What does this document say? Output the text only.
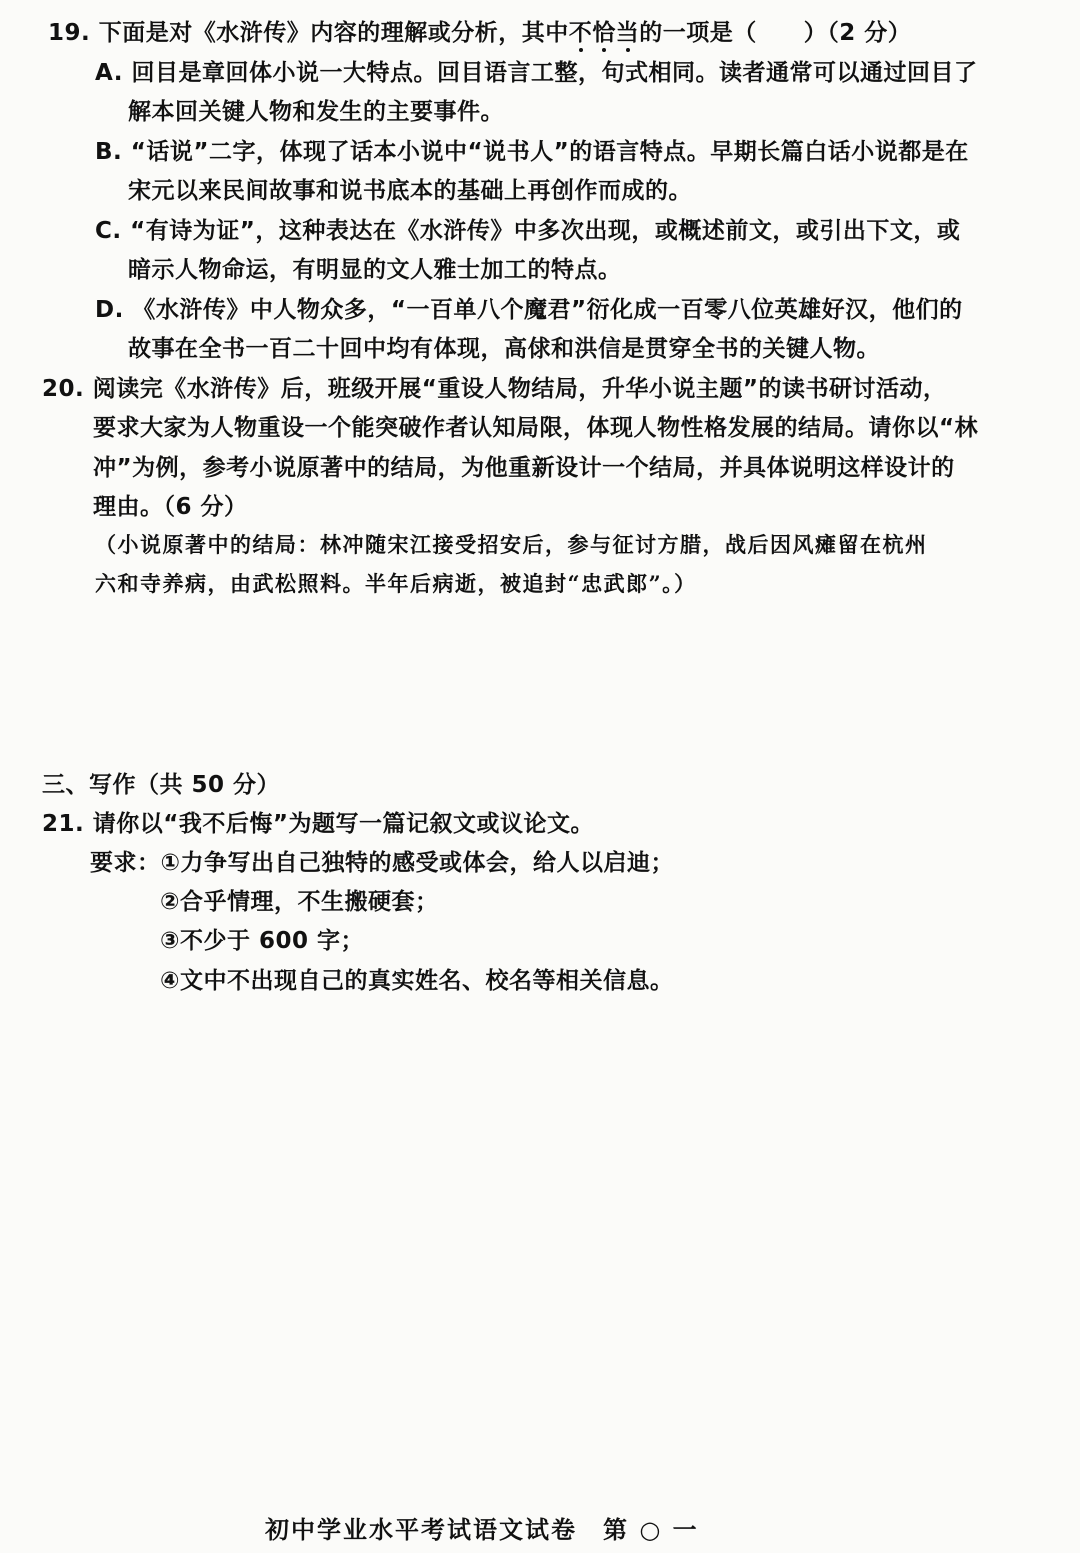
19. 下面是对《水浒传》内容的理解或分析，其中不恰当的一项是（　　）（2 分）
A. 回目是章回体小说一大特点。回目语言工整，句式相同。读者通常可以通过回目了
解本回关键人物和发生的主要事件。
B. “话说”二字，体现了话本小说中“说书人”的语言特点。早期长篇白话小说都是在
宋元以来民间故事和说书底本的基础上再创作而成的。
C. “有诗为证”，这种表达在《水浒传》中多次出现，或概述前文，或引出下文，或
暗示人物命运，有明显的文人雅士加工的特点。
D. 《水浒传》中人物众多，“一百单八个魔君”衍化成一百零八位英雄好汉，他们的
故事在全书一百二十回中均有体现，高俅和洪信是贯穿全书的关键人物。
20. 阅读完《水浒传》后，班级开展“重设人物结局，升华小说主题”的读书研讨活动，
要求大家为人物重设一个能突破作者认知局限，体现人物性格发展的结局。请你以“林
冲”为例，参考小说原著中的结局，为他重新设计一个结局，并具体说明这样设计的
理由。（6 分）
（小说原著中的结局：林冲随宋江接受招安后，参与征讨方腊，战后因风瘫留在杭州
六和寺养病，由武松照料。半年后病逝，被追封“忠武郎”。）
三、写作（共 50 分）
21. 请你以“我不后悔”为题写一篇记叙文或议论文。
要求：①力争写出自己独特的感受或体会，给人以启迪；
②合乎情理，不生搬硬套；
③不少于 600 字；
④文中不出现自己的真实姓名、校名等相关信息。
初中学业水平考试语文试卷　第 ○ 一
